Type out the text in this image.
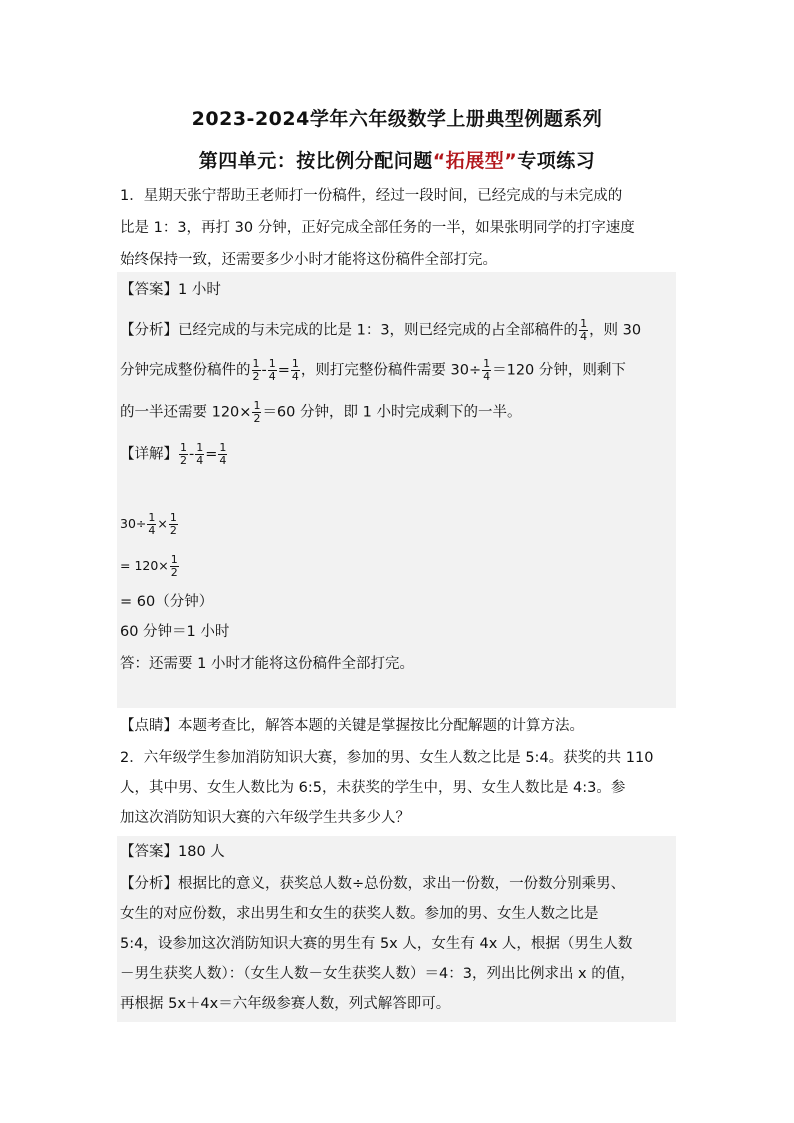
2023-2024学年六年级数学上册典型例题系列
第四单元：按比例分配问题“拓展型”专项练习
1．星期天张宁帮助王老师打一份稿件，经过一段时间，已经完成的与未完成的
比是 1：3，再打 30 分钟，正好完成全部任务的一半，如果张明同学的打字速度
始终保持一致，还需要多少小时才能将这份稿件全部打完。
【答案】1 小时
【分析】已经完成的与未完成的比是 1：3，则已经完成的占全部稿件的 $\frac{1}{4}$ ，则 30
分钟完成整份稿件的 $\frac{1}{2} - \frac{1}{4} = \frac{1}{4}$ ，则打完整份稿件需要 $30\div \frac{1}{4} =120$ 分钟，则剩下
的一半还需要 $120\times \frac{1}{2} =60$ 分钟，即 1 小时完成剩下的一半。
【详解】 $\frac{1}{2} - \frac{1}{4} = \frac{1}{4}$
$30\div \frac{1}{4} \times \frac{1}{2}$
= $120\times \frac{1}{2}$
= 60（分钟）
60 分钟＝1 小时
答：还需要 1 小时才能将这份稿件全部打完。
【点睛】本题考查比，解答本题的关键是掌握按比分配解题的计算方法。
2．六年级学生参加消防知识大赛，参加的男、女生人数之比是 5:4。获奖的共 110
人，其中男、女生人数比为 6:5，未获奖的学生中，男、女生人数比是 4:3。参
加这次消防知识大赛的六年级学生共多少人？
【答案】180 人
【分析】根据比的意义，获奖总人数÷总份数，求出一份数，一份数分别乘男、
女生的对应份数，求出男生和女生的获奖人数。参加的男、女生人数之比是
5:4，设参加这次消防知识大赛的男生有 5x 人，女生有 4x 人，根据（男生人数
－男生获奖人数）：（女生人数－女生获奖人数）＝4：3，列出比例求出 x 的值，
再根据 5x＋4x＝六年级参赛人数，列式解答即可。
